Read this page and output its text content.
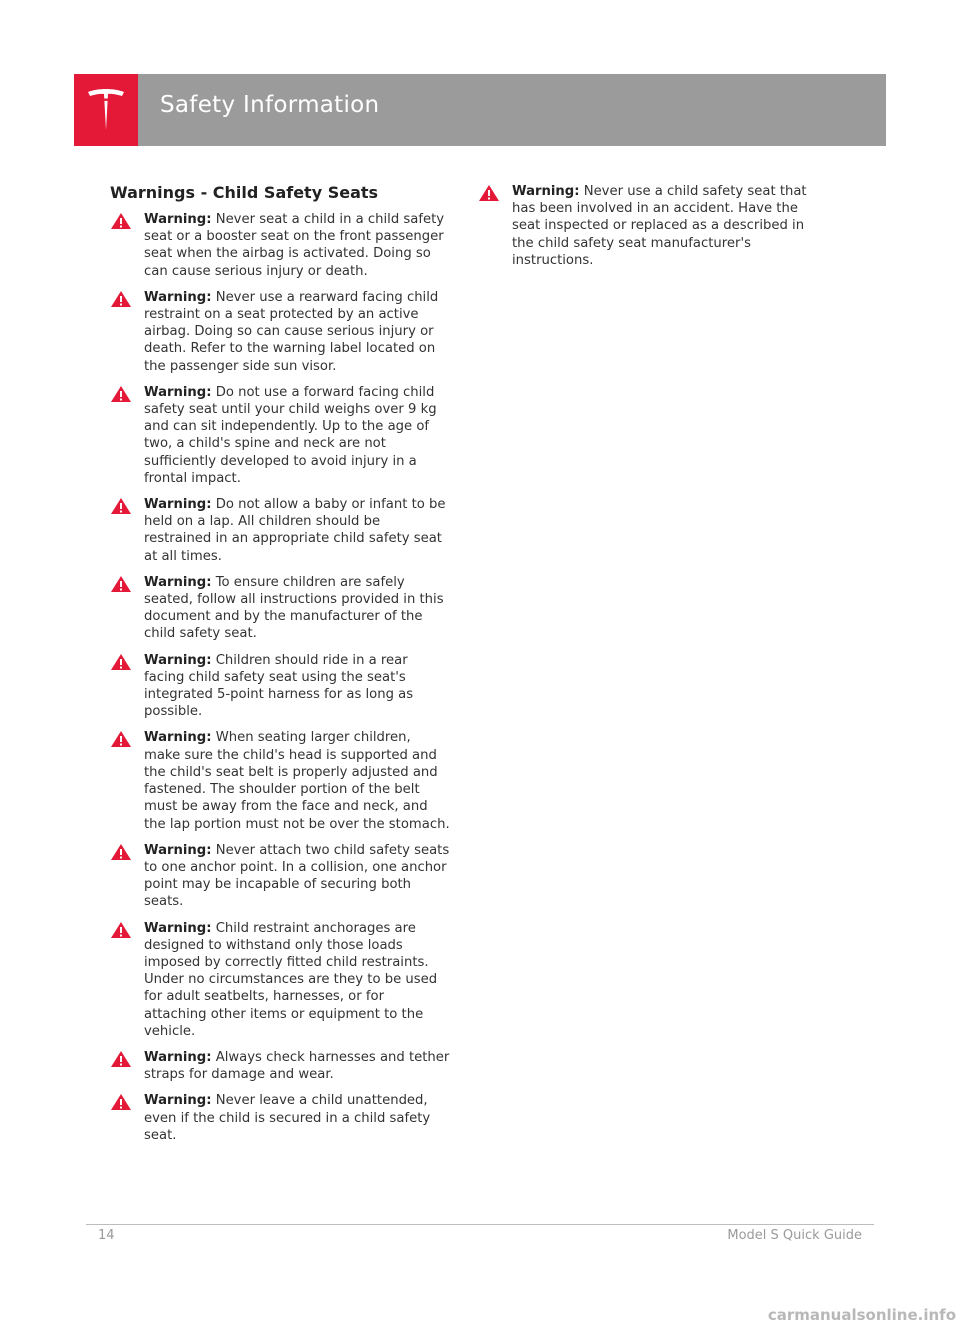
Safety Information
Warnings - Child Safety Seats
Warning: Never seat a child in a child safety seat or a booster seat on the front passenger seat when the airbag is activated. Doing so can cause serious injury or death.
Warning: Never use a rearward facing child restraint on a seat protected by an active airbag. Doing so can cause serious injury or death. Refer to the warning label located on the passenger side sun visor.
Warning: Do not use a forward facing child safety seat until your child weighs over 9 kg and can sit independently. Up to the age of two, a child's spine and neck are not sufficiently developed to avoid injury in a frontal impact.
Warning: Do not allow a baby or infant to be held on a lap. All children should be restrained in an appropriate child safety seat at all times.
Warning: To ensure children are safely seated, follow all instructions provided in this document and by the manufacturer of the child safety seat.
Warning: Children should ride in a rear facing child safety seat using the seat's integrated 5-point harness for as long as possible.
Warning: When seating larger children, make sure the child's head is supported and the child's seat belt is properly adjusted and fastened. The shoulder portion of the belt must be away from the face and neck, and the lap portion must not be over the stomach.
Warning: Never attach two child safety seats to one anchor point. In a collision, one anchor point may be incapable of securing both seats.
Warning: Child restraint anchorages are designed to withstand only those loads imposed by correctly fitted child restraints. Under no circumstances are they to be used for adult seatbelts, harnesses, or for attaching other items or equipment to the vehicle.
Warning: Always check harnesses and tether straps for damage and wear.
Warning: Never leave a child unattended, even if the child is secured in a child safety seat.
Warning: Never use a child safety seat that has been involved in an accident. Have the seat inspected or replaced as a described in the child safety seat manufacturer's instructions.
14	Model S Quick Guide
carmanualsonline.info
